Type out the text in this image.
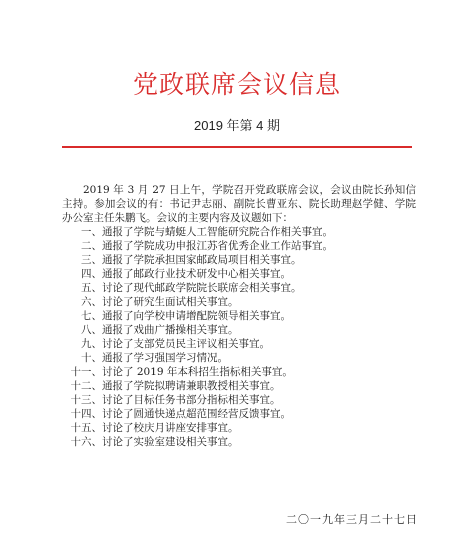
党政联席会议信息
2019 年第 4 期

2019 年 3 月 27 日上午，学院召开党政联席会议，会议由院长孙知信主持。参加会议的有：书记尹志丽、副院长曹亚东、院长助理赵学健、学院办公室主任朱鹏飞。会议的主要内容及议题如下：

一、通报了学院与蜻蜓人工智能研究院合作相关事宜。
二、通报了学院成功申报江苏省优秀企业工作站事宜。
三、通报了学院承担国家邮政局项目相关事宜。
四、通报了邮政行业技术研发中心相关事宜。
五、讨论了现代邮政学院院长联席会相关事宜。
六、讨论了研究生面试相关事宜。
七、通报了向学校申请增配院领导相关事宜。
八、通报了戏曲广播操相关事宜。
九、讨论了支部党员民主评议相关事宜。
十、通报了学习强国学习情况。
十一、讨论了 2019 年本科招生指标相关事宜。
十二、通报了学院拟聘请兼职教授相关事宜。
十三、讨论了目标任务书部分指标相关事宜。
十四、讨论了圆通快递点超范围经营反馈事宜。
十五、讨论了校庆月讲座安排事宜。
十六、讨论了实验室建设相关事宜。
二〇一九年三月二十七日
